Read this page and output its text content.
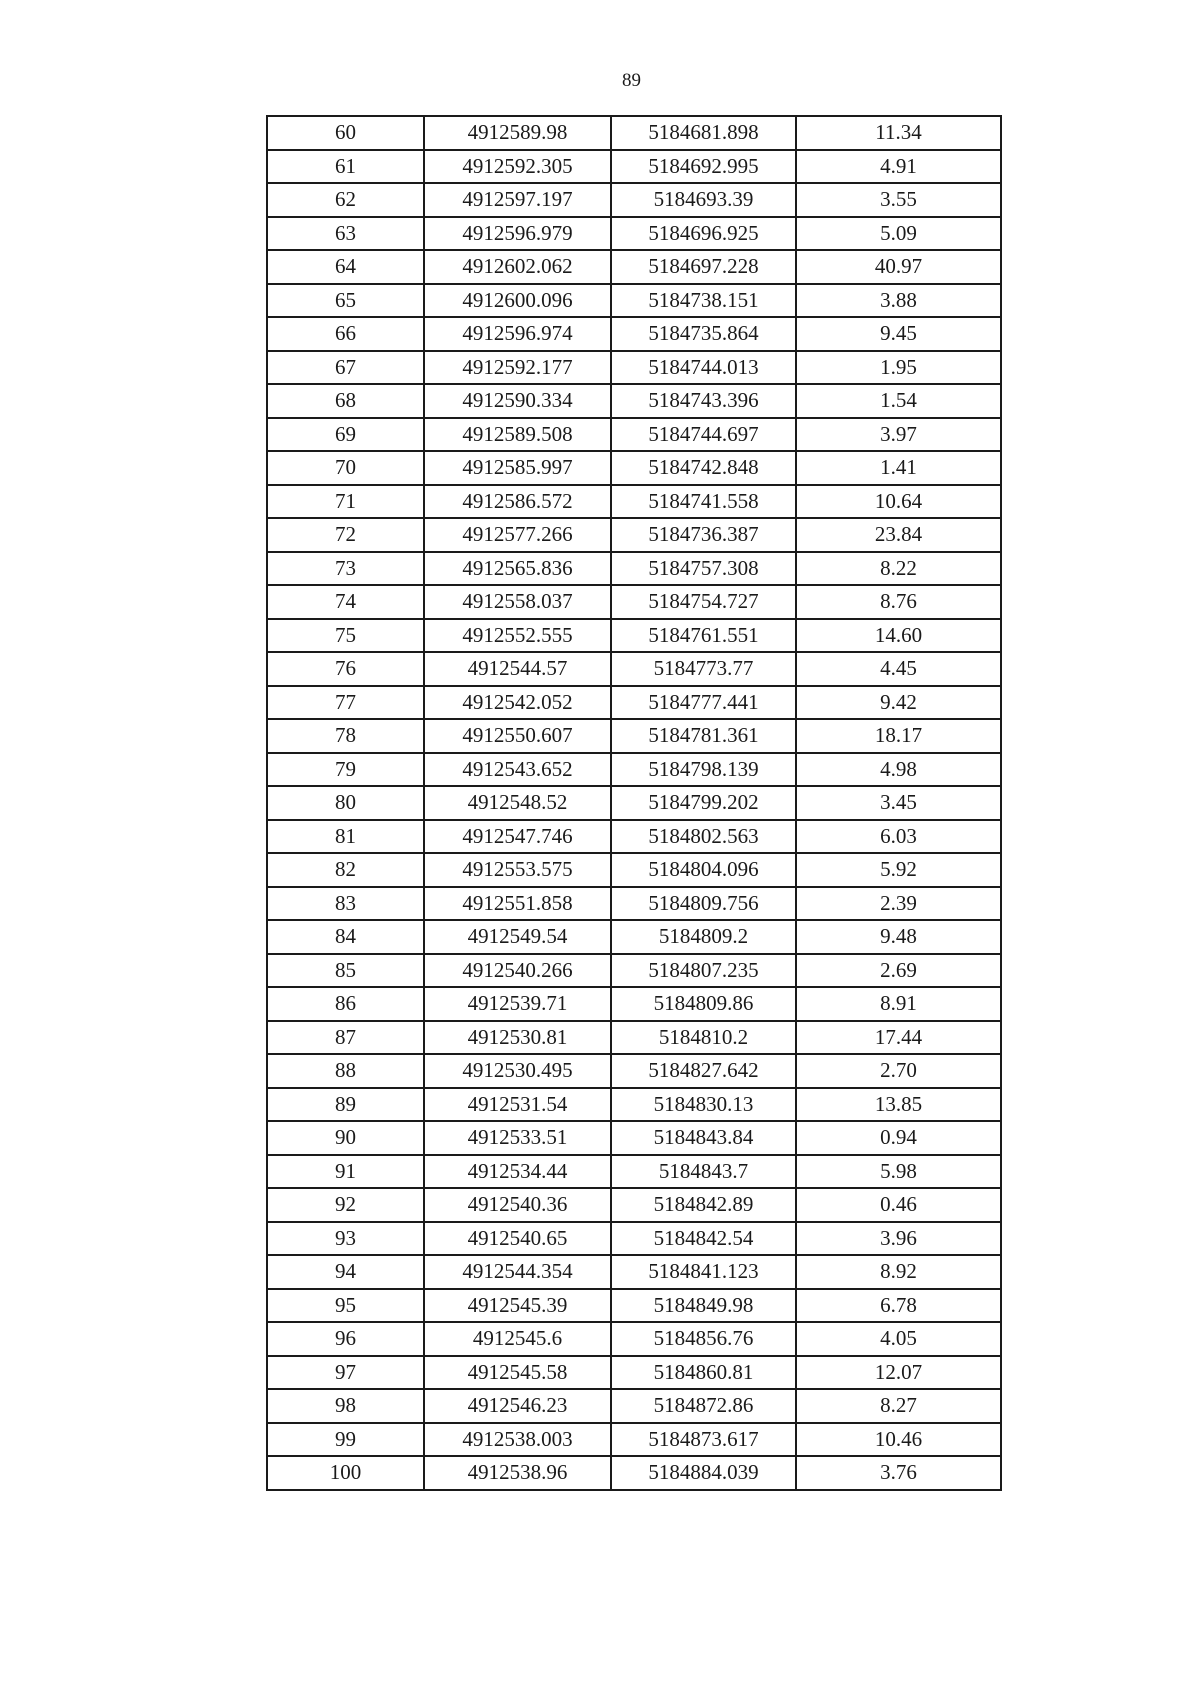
89
60	4912589.98	5184681.898	11.34
61	4912592.305	5184692.995	4.91
62	4912597.197	5184693.39	3.55
63	4912596.979	5184696.925	5.09
64	4912602.062	5184697.228	40.97
65	4912600.096	5184738.151	3.88
66	4912596.974	5184735.864	9.45
67	4912592.177	5184744.013	1.95
68	4912590.334	5184743.396	1.54
69	4912589.508	5184744.697	3.97
70	4912585.997	5184742.848	1.41
71	4912586.572	5184741.558	10.64
72	4912577.266	5184736.387	23.84
73	4912565.836	5184757.308	8.22
74	4912558.037	5184754.727	8.76
75	4912552.555	5184761.551	14.60
76	4912544.57	5184773.77	4.45
77	4912542.052	5184777.441	9.42
78	4912550.607	5184781.361	18.17
79	4912543.652	5184798.139	4.98
80	4912548.52	5184799.202	3.45
81	4912547.746	5184802.563	6.03
82	4912553.575	5184804.096	5.92
83	4912551.858	5184809.756	2.39
84	4912549.54	5184809.2	9.48
85	4912540.266	5184807.235	2.69
86	4912539.71	5184809.86	8.91
87	4912530.81	5184810.2	17.44
88	4912530.495	5184827.642	2.70
89	4912531.54	5184830.13	13.85
90	4912533.51	5184843.84	0.94
91	4912534.44	5184843.7	5.98
92	4912540.36	5184842.89	0.46
93	4912540.65	5184842.54	3.96
94	4912544.354	5184841.123	8.92
95	4912545.39	5184849.98	6.78
96	4912545.6	5184856.76	4.05
97	4912545.58	5184860.81	12.07
98	4912546.23	5184872.86	8.27
99	4912538.003	5184873.617	10.46
100	4912538.96	5184884.039	3.76
